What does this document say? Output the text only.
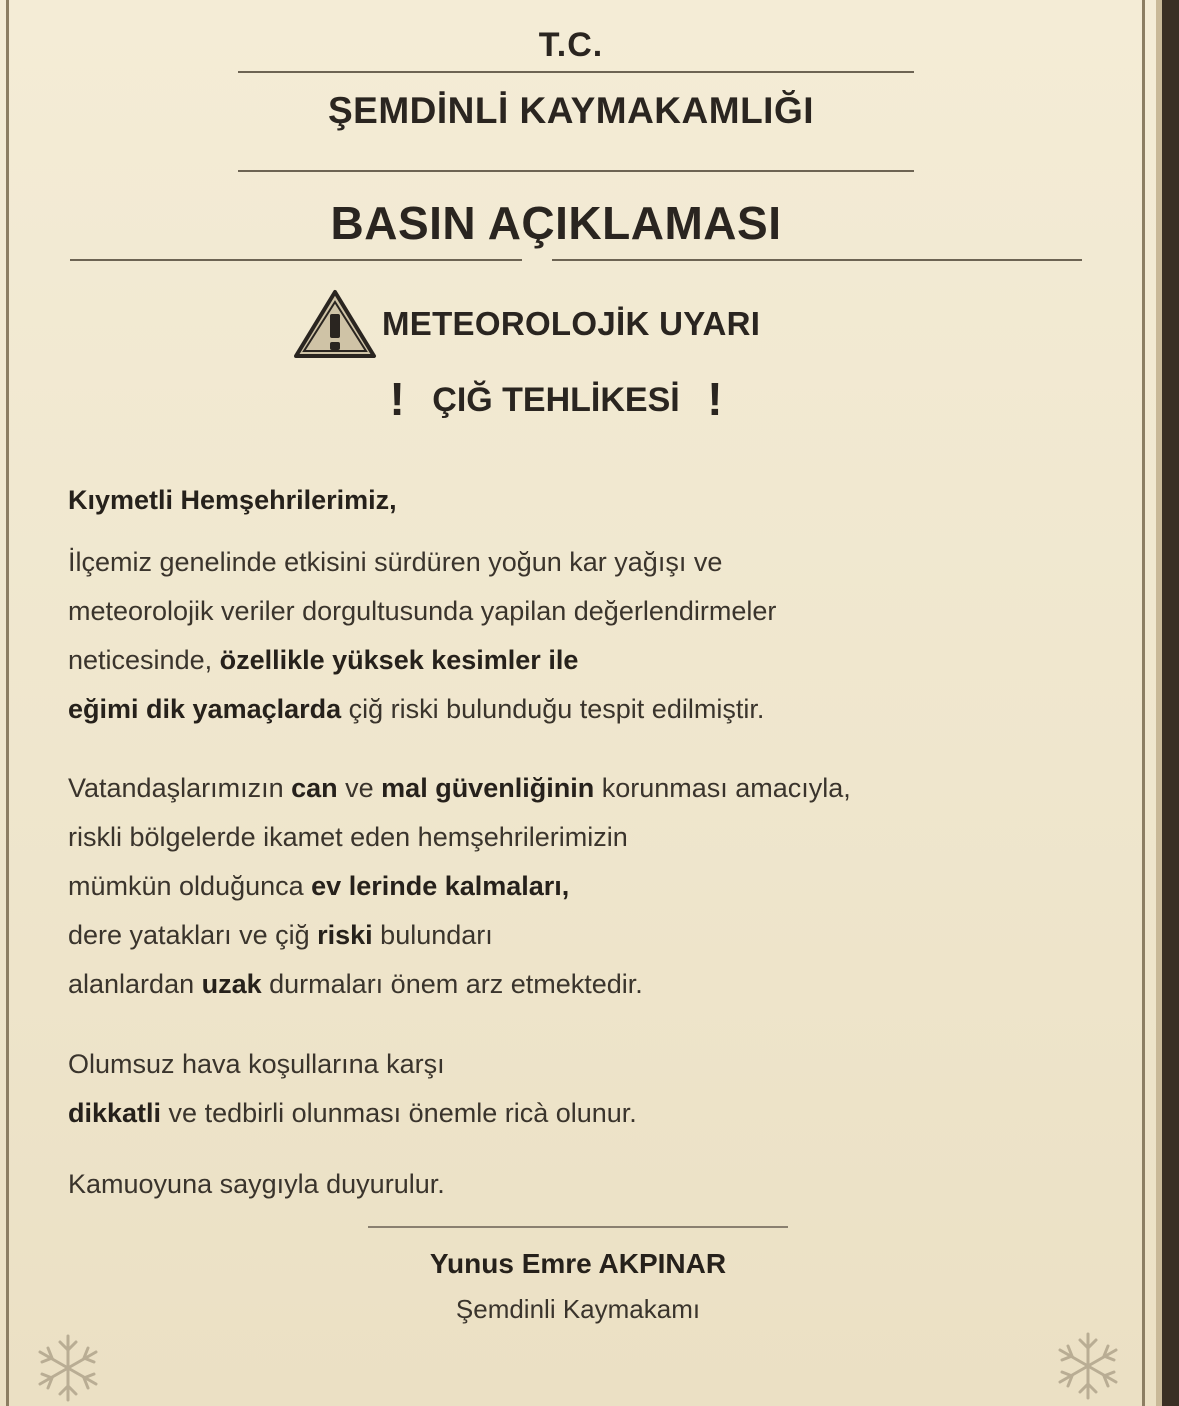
T.C.
ŞEMDİNLİ KAYMAKAMLIĞI
BASIN AÇIKLAMASI
METEOROLOJİK UYARI
! ÇIĞ TEHLİKESİ !
Kıymetli Hemşehrilerimiz,
İlçemiz genelinde etkisini sürdüren yoğun kar yağışı ve
meteorolojik veriler dorgultusunda yapilan değerlendirmeler
neticesinde, özellikle yüksek kesimler ile
eğimi dik yamaçlarda çiğ riski bulunduğu tespit edilmiştir.
Vatandaşlarımızın can ve mal güvenliğinin korunması amacıyla,
riskli bölgelerde ikamet eden hemşehrilerimizin
mümkün olduğunca ev lerinde kalmaları,
dere yatakları ve çiğ riski bulundarı
alanlardan uzak durmaları önem arz etmektedir.
Olumsuz hava koşullarına karşı
dikkatli ve tedbirli olunması önemle ricà olunur.
Kamuoyuna saygıyla duyurulur.
Yunus Emre AKPINAR
Şemdinli Kaymakamı
